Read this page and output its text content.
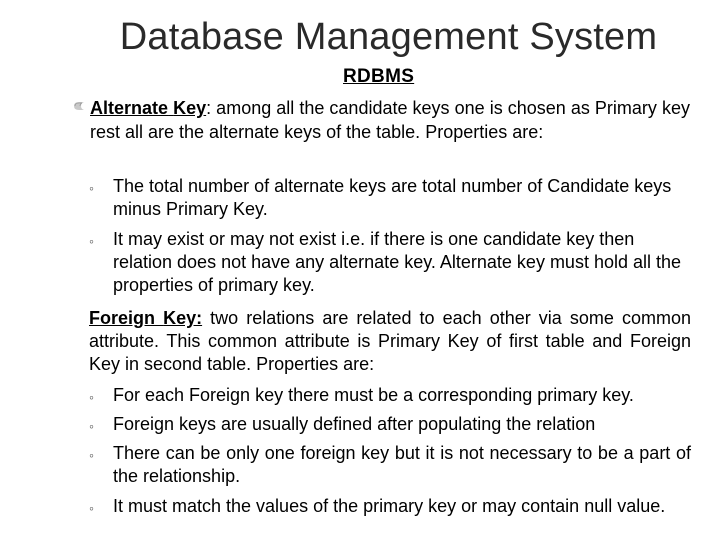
Database Management System
RDBMS

Alternate Key: among all the candidate keys one is chosen as Primary key rest all are the alternate keys of the table. Properties are:

◦ The total number of alternate keys are total number of Candidate keys minus Primary Key.

◦ It may exist or may not exist i.e. if there is one candidate key then relation does not have any alternate key. Alternate key must hold all the properties of primary key.

Foreign Key: two relations are related to each other via some common attribute. This common attribute is Primary Key of first table and Foreign Key in second table. Properties are:

◦ For each Foreign key there must be a corresponding primary key.

◦ Foreign keys are usually defined after populating the relation

◦ There can be only one foreign key but it is not necessary to be a part of the relationship.

◦ It must match the values of the primary key or may contain null value.
